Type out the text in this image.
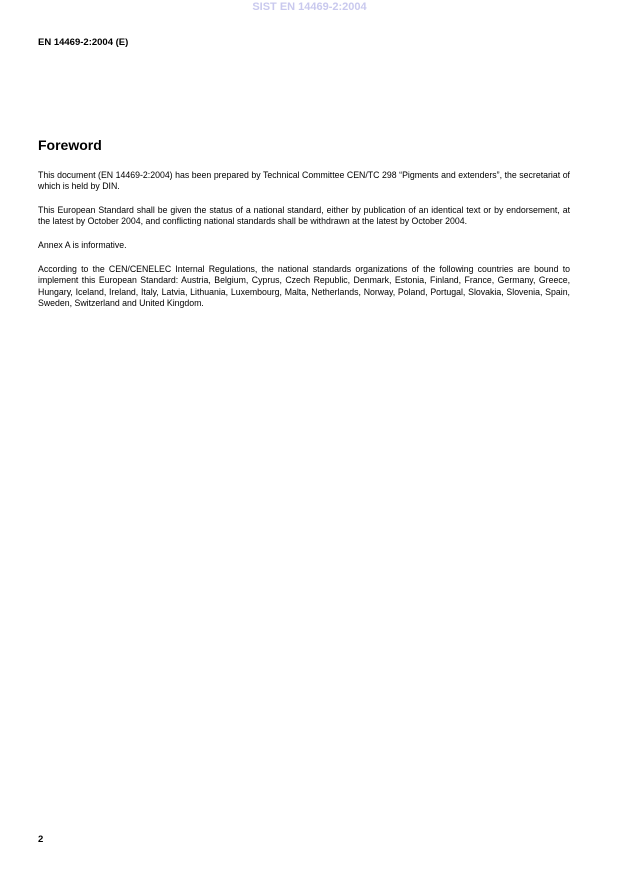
SIST EN 14469-2:2004
EN 14469-2:2004 (E)
Foreword

This document (EN 14469-2:2004) has been prepared by Technical Committee CEN/TC 298 “Pigments and extenders”, the secretariat of which is held by DIN.

This European Standard shall be given the status of a national standard, either by publication of an identical text or by endorsement, at the latest by October 2004, and conflicting national standards shall be withdrawn at the latest by October 2004.

Annex A is informative.

According to the CEN/CENELEC Internal Regulations, the national standards organizations of the following countries are bound to implement this European Standard: Austria, Belgium, Cyprus, Czech Republic, Denmark, Estonia, Finland, France, Germany, Greece, Hungary, Iceland, Ireland, Italy, Latvia, Lithuania, Luxembourg, Malta, Netherlands, Norway, Poland, Portugal, Slovakia, Slovenia, Spain, Sweden, Switzerland and United Kingdom.

2
